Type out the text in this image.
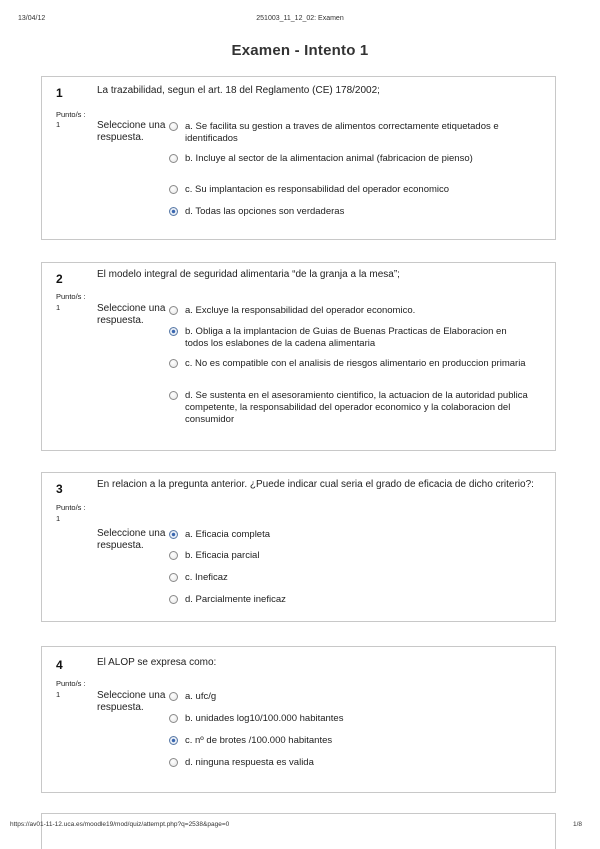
13/04/12	251003_11_12_02: Examen
Examen - Intento 1
1
Punto/s :
1
La trazabilidad, segun el art. 18 del Reglamento (CE) 178/2002;
Seleccione una respuesta.
a. Se facilita su gestion a traves de alimentos correctamente etiquetados e identificados
b. Incluye al sector de la alimentacion animal (fabricacion de pienso)
c. Su implantacion es responsabilidad del operador economico
d. Todas las opciones son verdaderas
2
Punto/s :
1
El modelo integral de seguridad alimentaria “de la granja a la mesa”;
Seleccione una respuesta.
a. Excluye la responsabilidad del operador economico.
b. Obliga a la implantacion de Guias de Buenas Practicas de Elaboracion en todos los eslabones de la cadena alimentaria
c. No es compatible con el analisis de riesgos alimentario en produccion primaria
d. Se sustenta en el asesoramiento cientifico, la actuacion de la autoridad publica competente, la responsabilidad del operador economico y la colaboracion del consumidor
3
Punto/s :
1
En relacion a la pregunta anterior. ¿Puede indicar cual seria el grado de eficacia de dicho criterio?:
Seleccione una respuesta.
a. Eficacia completa
b. Eficacia parcial
c. Ineficaz
d. Parcialmente ineficaz
4
Punto/s :
1
El ALOP se expresa como:
Seleccione una respuesta.
a. ufc/g
b. unidades log10/100.000 habitantes
c. nº de brotes /100.000 habitantes
d. ninguna respuesta es valida
https://av01-11-12.uca.es/moodle19/mod/quiz/attempt.php?q=2538&page=0	1/8
